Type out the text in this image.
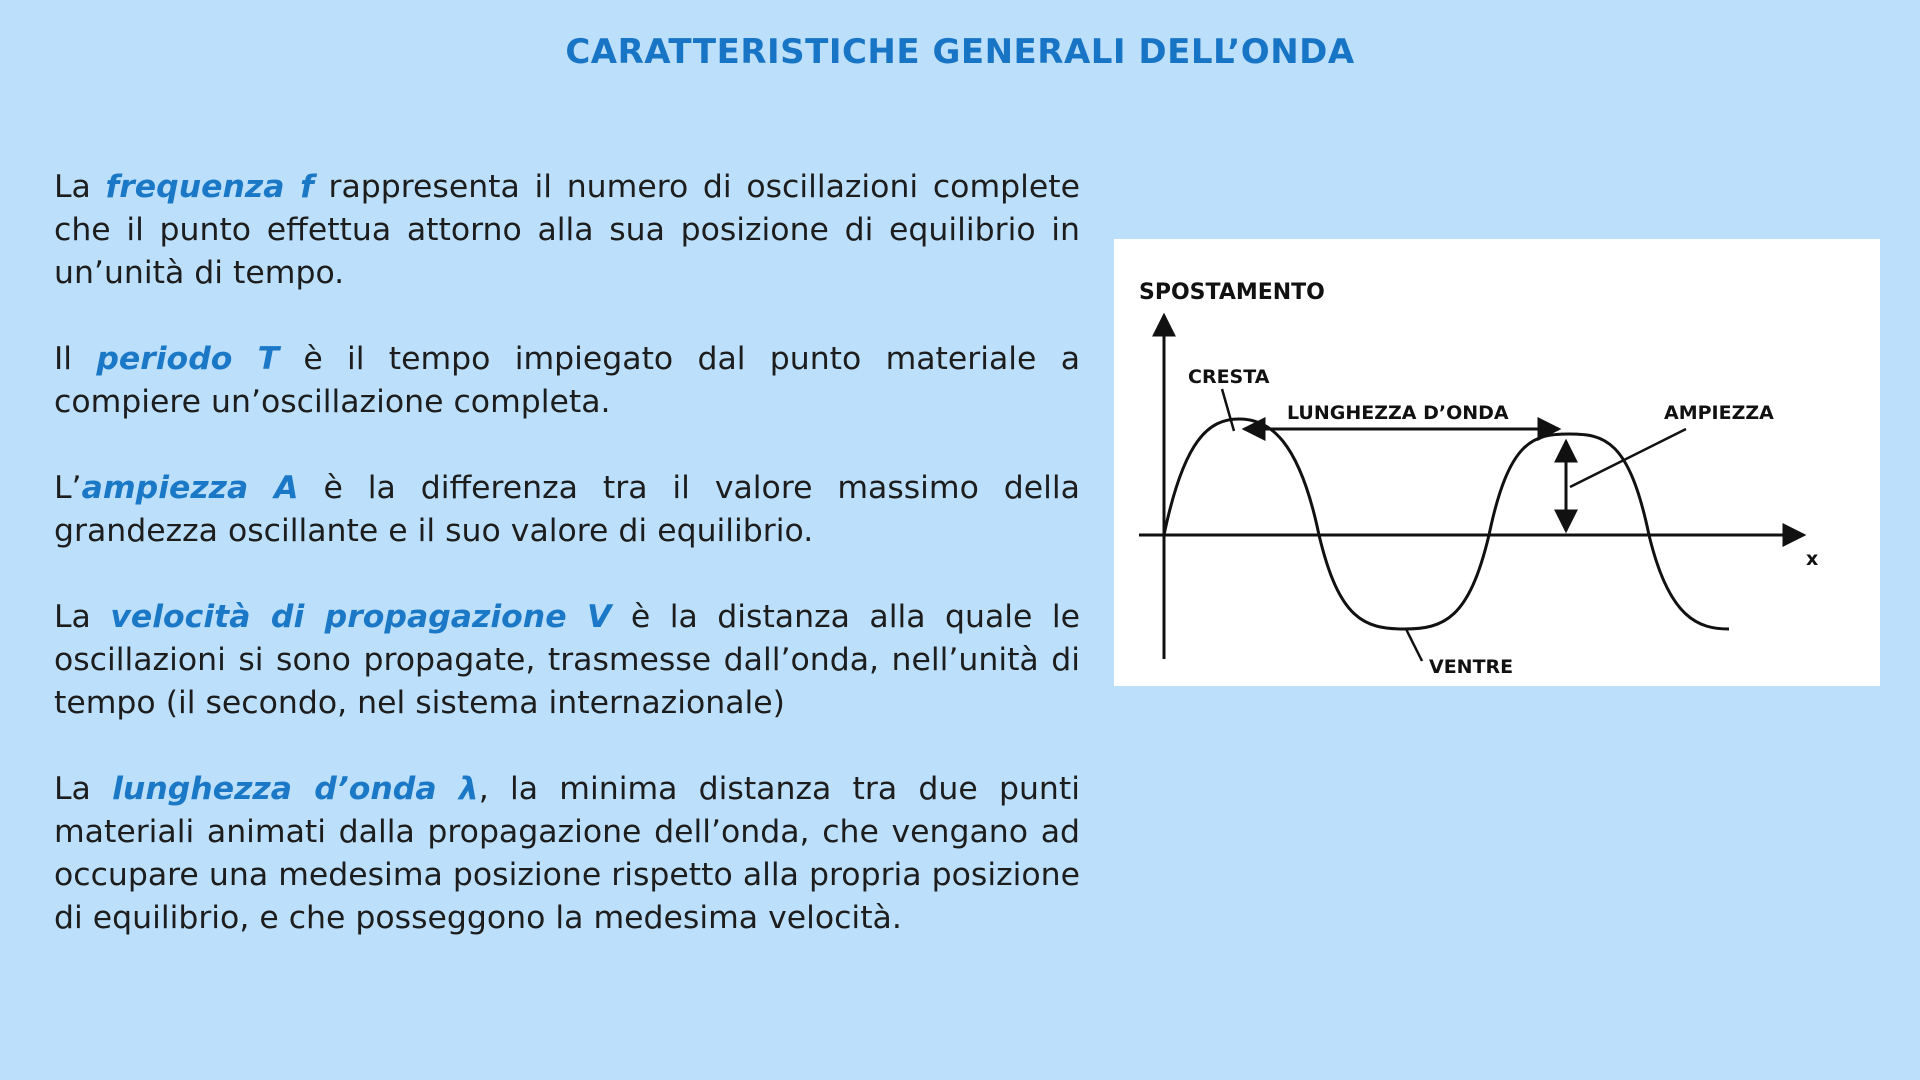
CARATTERISTICHE GENERALI DELL’ONDA

La frequenza f rappresenta il numero di oscillazioni complete che il punto effettua attorno alla sua posizione di equilibrio in un’unità di tempo.

Il periodo T è il tempo impiegato dal punto materiale a compiere un’oscillazione completa.

L’ampiezza A è la differenza tra il valore massimo della grandezza oscillante e il suo valore di equilibrio.

La velocità di propagazione V è la distanza alla quale le oscillazioni si sono propagate, trasmesse dall’onda, nell’unità di tempo (il secondo, nel sistema internazionale)

La lunghezza d’onda λ, la minima distanza tra due punti materiali animati dalla propagazione dell’onda, che vengano ad occupare una medesima posizione rispetto alla propria posizione di equilibrio, e che posseggono la medesima velocità.

SPOSTAMENTO
CRESTA
LUNGHEZZA D’ONDA	AMPIEZZA
x
VENTRE
